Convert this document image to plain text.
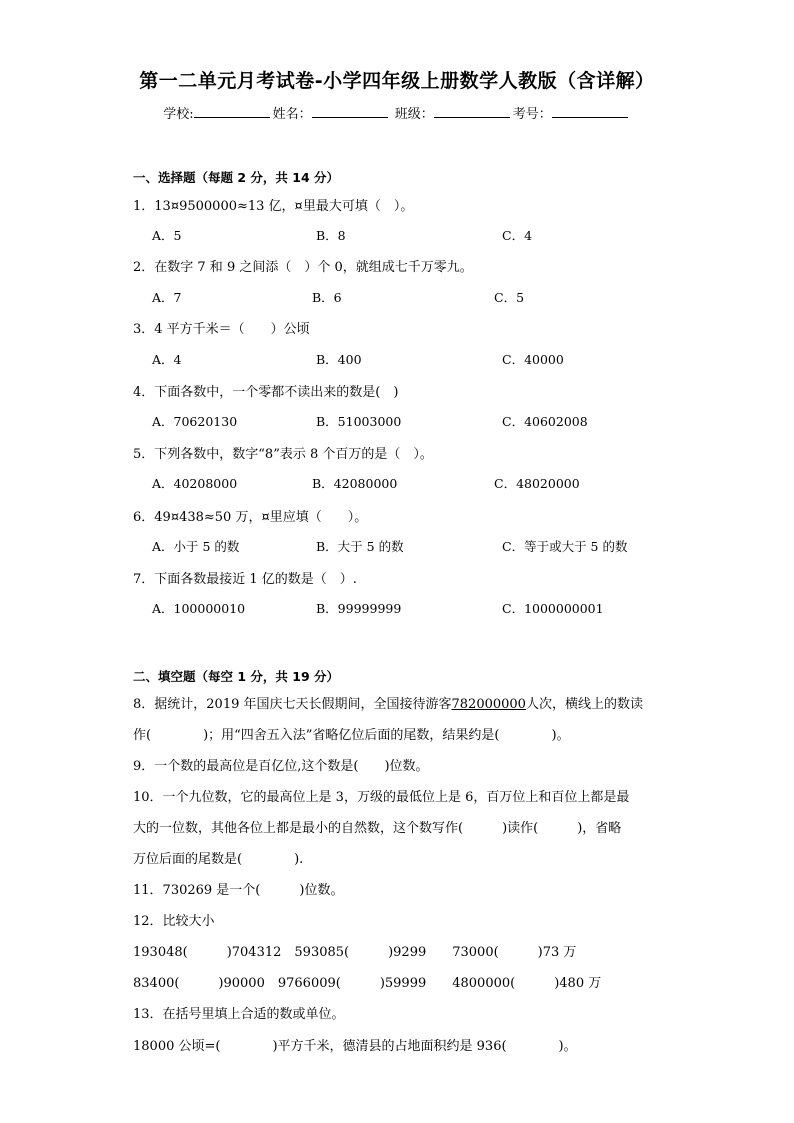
第一二单元月考试卷-小学四年级上册数学人教版（含详解）
学校:	姓名：	班级：	考号：
一、选择题（每题 2 分，共 14 分）
1．13¤9500000≈13 亿，¤里最大可填（　）。
A．5	B．8	C．4
2．在数字 7 和 9 之间添（　）个 0，就组成七千万零九。
A．7	B．6	C．5
3．4 平方千米＝（　　）公顷
A．4	B．400	C．40000
4．下面各数中，一个零都不读出来的数是(　)
A．70620130	B．51003000	C．40602008
5．下列各数中，数字“8”表示 8 个百万的是（　）。
A．40208000	B．42080000	C．48020000
6．49¤438≈50 万，¤里应填（　　）。
A．小于 5 的数	B．大于 5 的数	C．等于或大于 5 的数
7．下面各数最接近 1 亿的数是（　）.
A．100000010	B．99999999	C．1000000001
二、填空题（每空 1 分，共 19 分）
8．据统计，2019 年国庆七天长假期间，全国接待游客782000000人次，横线上的数读
作(　　　　)；用“四舍五入法”省略亿位后面的尾数，结果约是(　　　　)。
9．一个数的最高位是百亿位,这个数是(　　)位数。
10．一个九位数，它的最高位上是 3，万级的最低位上是 6，百万位上和百位上都是最
大的一位数，其他各位上都是最小的自然数，这个数写作(　　　)读作(　　　)，省略
万位后面的尾数是(　　　　).
11．730269 是一个(　　　)位数。
12．比较大小
193048(　　　)704312　593085(　　　)9299　　73000(　　　)73 万
83400(　　　)90000　9766009(　　　)59999　　4800000(　　　)480 万
13．在括号里填上合适的数或单位。
18000 公顷=(　　　　)平方千米，德清县的占地面积约是 936(　　　　)。
